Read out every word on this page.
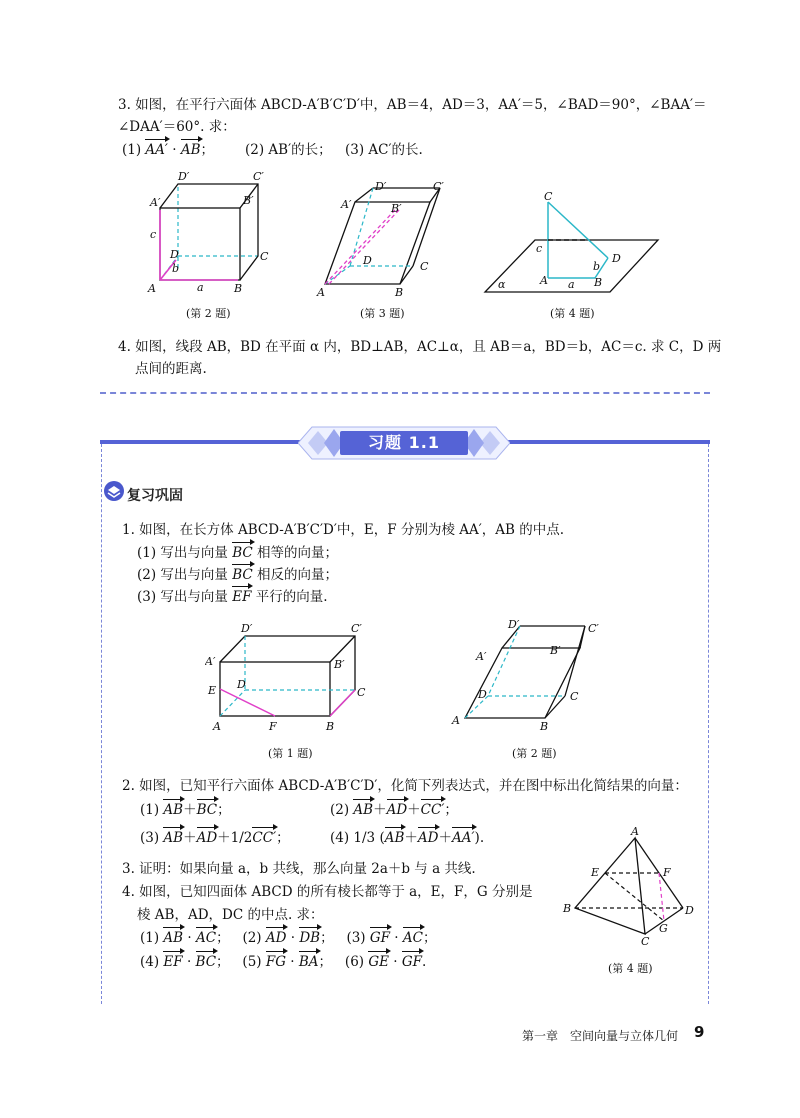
3. 如图，在平行六面体 ABCD-A′B′C′D′中，AB＝4，AD＝3，AA′＝5，∠BAD＝90°，∠BAA′＝
∠DAA′＝60°. 求：
(1) AA′ · AB； (2) AB′的长； (3) AC′的长.
A′
D′	C′
B′
c
D	C
b
A	a	B
(第 2 题)
A′
D′	C′
B′
D	C
A	B
(第 3 题)
C
c
A a
b
D
B
α
(第 4 题)
4. 如图，线段 AB，BD 在平面 α 内，BD⊥AB，AC⊥α，且 AB＝a，BD＝b，AC＝c. 求 C，D 两
点间的距离.
习题 1.1
复习巩固
1. 如图，在长方体 ABCD-A′B′C′D′中，E，F 分别为棱 AA′，AB 的中点.
(1) 写出与向量 BC 相等的向量；
(2) 写出与向量 BC 相反的向量；
(3) 写出与向量 EF 平行的向量.
A′
D′	C′
B′
E D
C
A	F	B
(第 1 题)
A′
D′	C′
B′
D	C
A	B
(第 2 题)
2. 如图，已知平行六面体 ABCD-A′B′C′D′，化简下列表达式，并在图中标出化简结果的向量：
(1) AB＋BC；	(2) AB＋AD＋CC′；
(3) AB＋AD＋1/2CC′；	(4) 1/3 (AB＋AD＋AA′).
3. 证明：如果向量 a，b 共线，那么向量 2a＋b 与 a 共线.
4. 如图，已知四面体 ABCD 的所有棱长都等于 a，E，F，G 分别是
棱 AB，AD，DC 的中点. 求：
(1) AB · AC； (2) AD · DB； (3) GF · AC；
(4) EF · BC； (5) FG · BA； (6) GE · GF.
A
E	F
B	D
G
C
(第 4 题)
第一章　空间向量与立体几何 9
